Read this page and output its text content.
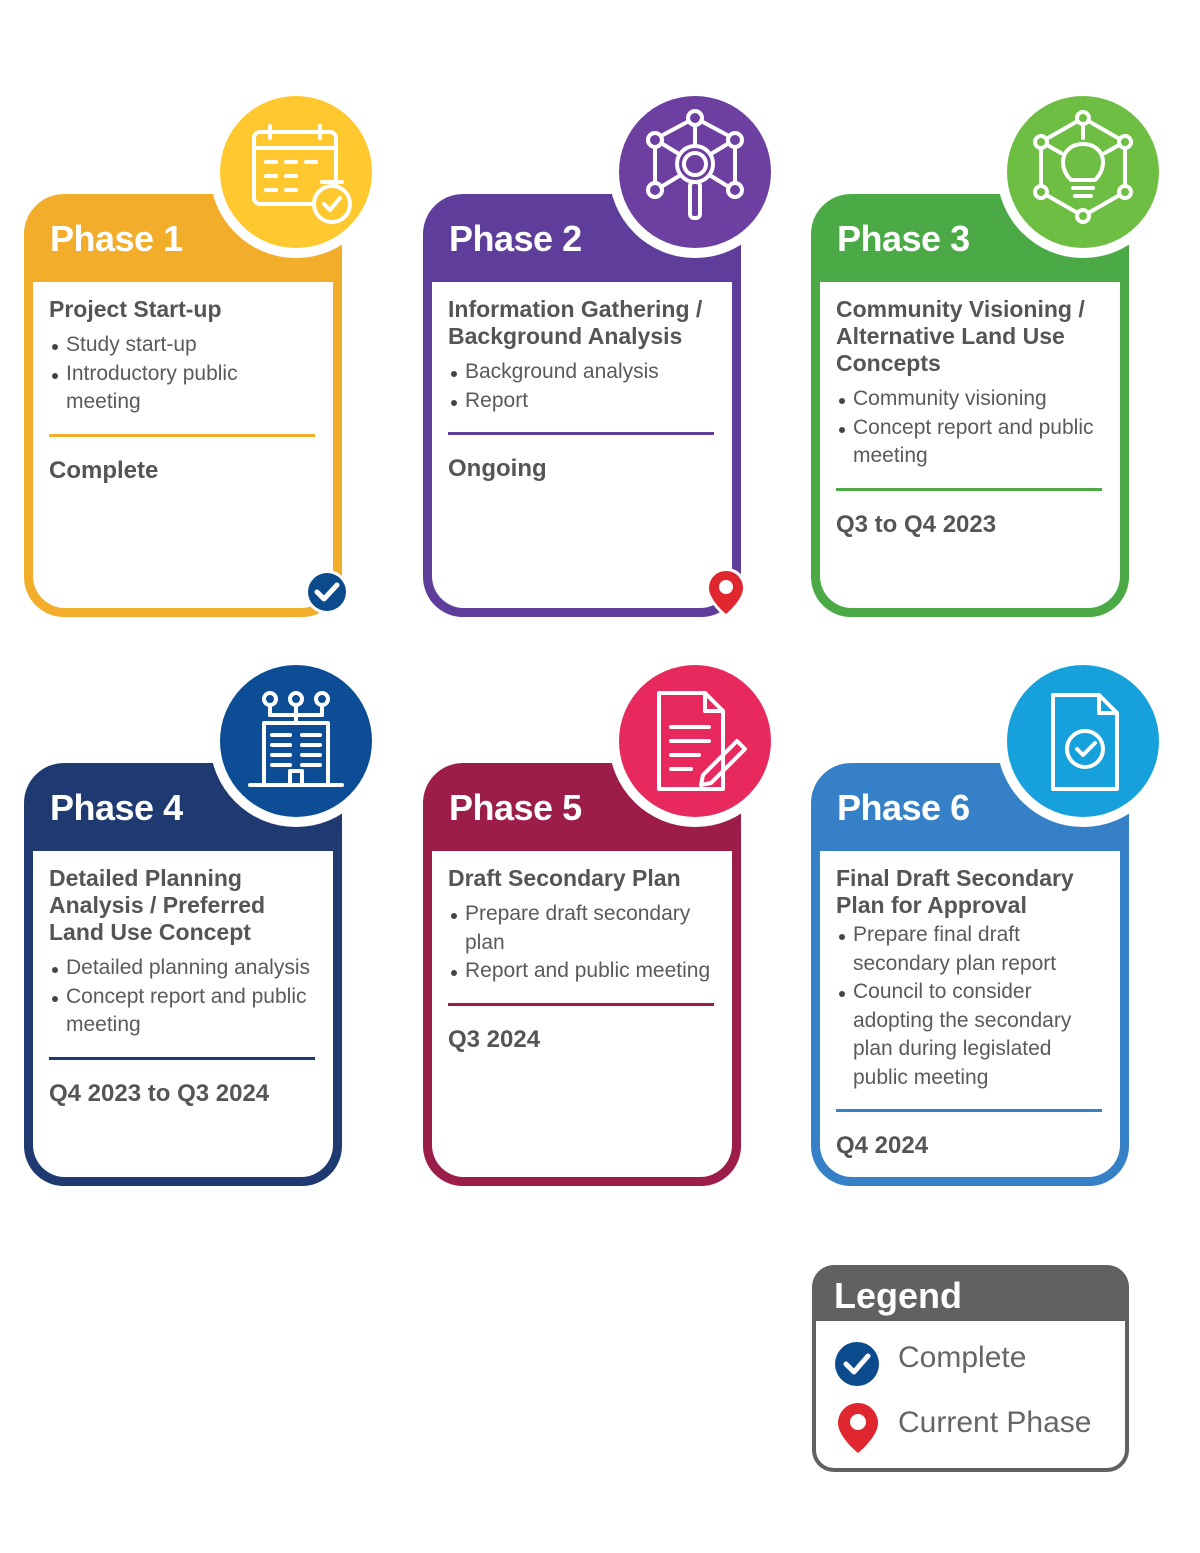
Phase 1
Project Start-up
Study start-up
Introductory public meeting
Complete
Phase 2
Information Gathering / Background Analysis
Background analysis
Report
Ongoing
Phase 3
Community Visioning / Alternative Land Use Concepts
Community visioning
Concept report and public meeting
Q3 to Q4 2023
Phase 4
Detailed Planning Analysis / Preferred Land Use Concept
Detailed planning analysis
Concept report and public meeting
Q4 2023 to Q3 2024
Phase 5
Draft Secondary Plan
Prepare draft secondary plan
Report and public meeting
Q3 2024
Phase 6
Final Draft Secondary Plan for Approval
Prepare final draft secondary plan report
Council to consider adopting the secondary plan during legislated public meeting
Q4 2024
Legend
Complete
Current Phase
